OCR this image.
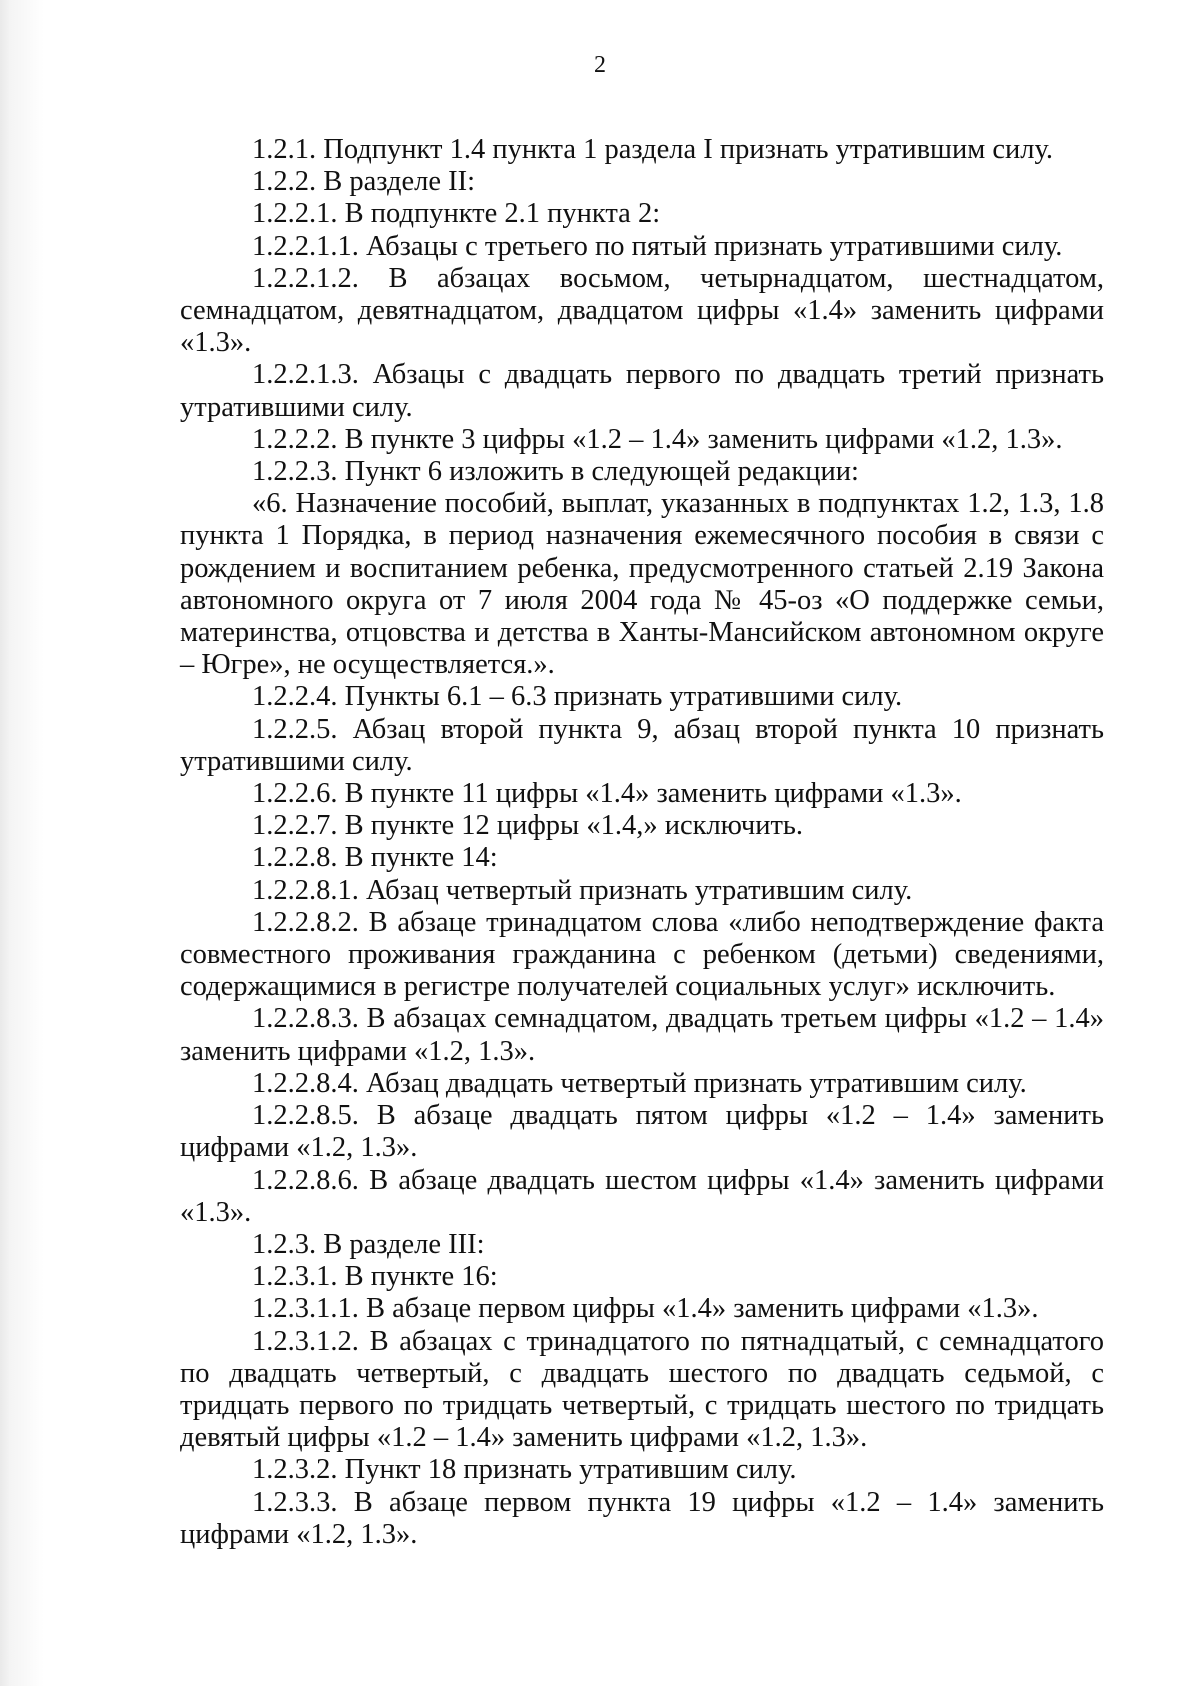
2

1.2.1. Подпункт 1.4 пункта 1 раздела I признать утратившим силу.

1.2.2. В разделе II:

1.2.2.1. В подпункте 2.1 пункта 2:

1.2.2.1.1. Абзацы с третьего по пятый признать утратившими силу.

1.2.2.1.2. В абзацах восьмом, четырнадцатом, шестнадцатом, семнадцатом, девятнадцатом, двадцатом цифры «1.4» заменить цифрами «1.3».

1.2.2.1.3. Абзацы с двадцать первого по двадцать третий признать утратившими силу.

1.2.2.2. В пункте 3 цифры «1.2 – 1.4» заменить цифрами «1.2, 1.3».

1.2.2.3. Пункт 6 изложить в следующей редакции:

«6. Назначение пособий, выплат, указанных в подпунктах 1.2, 1.3, 1.8 пункта 1 Порядка, в период назначения ежемесячного пособия в связи с рождением и воспитанием ребенка, предусмотренного статьей 2.19 Закона автономного округа от 7 июля 2004 года № 45-оз «О поддержке семьи, материнства, отцовства и детства в Ханты-Мансийском автономном округе – Югре», не осуществляется.».

1.2.2.4. Пункты 6.1 – 6.3 признать утратившими силу.

1.2.2.5. Абзац второй пункта 9, абзац второй пункта 10 признать утратившими силу.

1.2.2.6. В пункте 11 цифры «1.4» заменить цифрами «1.3».

1.2.2.7. В пункте 12 цифры «1.4,» исключить.

1.2.2.8. В пункте 14:

1.2.2.8.1. Абзац четвертый признать утратившим силу.

1.2.2.8.2. В абзаце тринадцатом слова «либо неподтверждение факта совместного проживания гражданина с ребенком (детьми) сведениями, содержащимися в регистре получателей социальных услуг» исключить.

1.2.2.8.3. В абзацах семнадцатом, двадцать третьем цифры «1.2 – 1.4» заменить цифрами «1.2, 1.3».

1.2.2.8.4. Абзац двадцать четвертый признать утратившим силу.

1.2.2.8.5. В абзаце двадцать пятом цифры «1.2 – 1.4» заменить цифрами «1.2, 1.3».

1.2.2.8.6. В абзаце двадцать шестом цифры «1.4» заменить цифрами «1.3».

1.2.3. В разделе III:

1.2.3.1. В пункте 16:

1.2.3.1.1. В абзаце первом цифры «1.4» заменить цифрами «1.3».

1.2.3.1.2. В абзацах с тринадцатого по пятнадцатый, с семнадцатого по двадцать четвертый, с двадцать шестого по двадцать седьмой, с тридцать первого по тридцать четвертый, с тридцать шестого по тридцать девятый цифры «1.2 – 1.4» заменить цифрами «1.2, 1.3».

1.2.3.2. Пункт 18 признать утратившим силу.

1.2.3.3. В абзаце первом пункта 19 цифры «1.2 – 1.4» заменить цифрами «1.2, 1.3».
